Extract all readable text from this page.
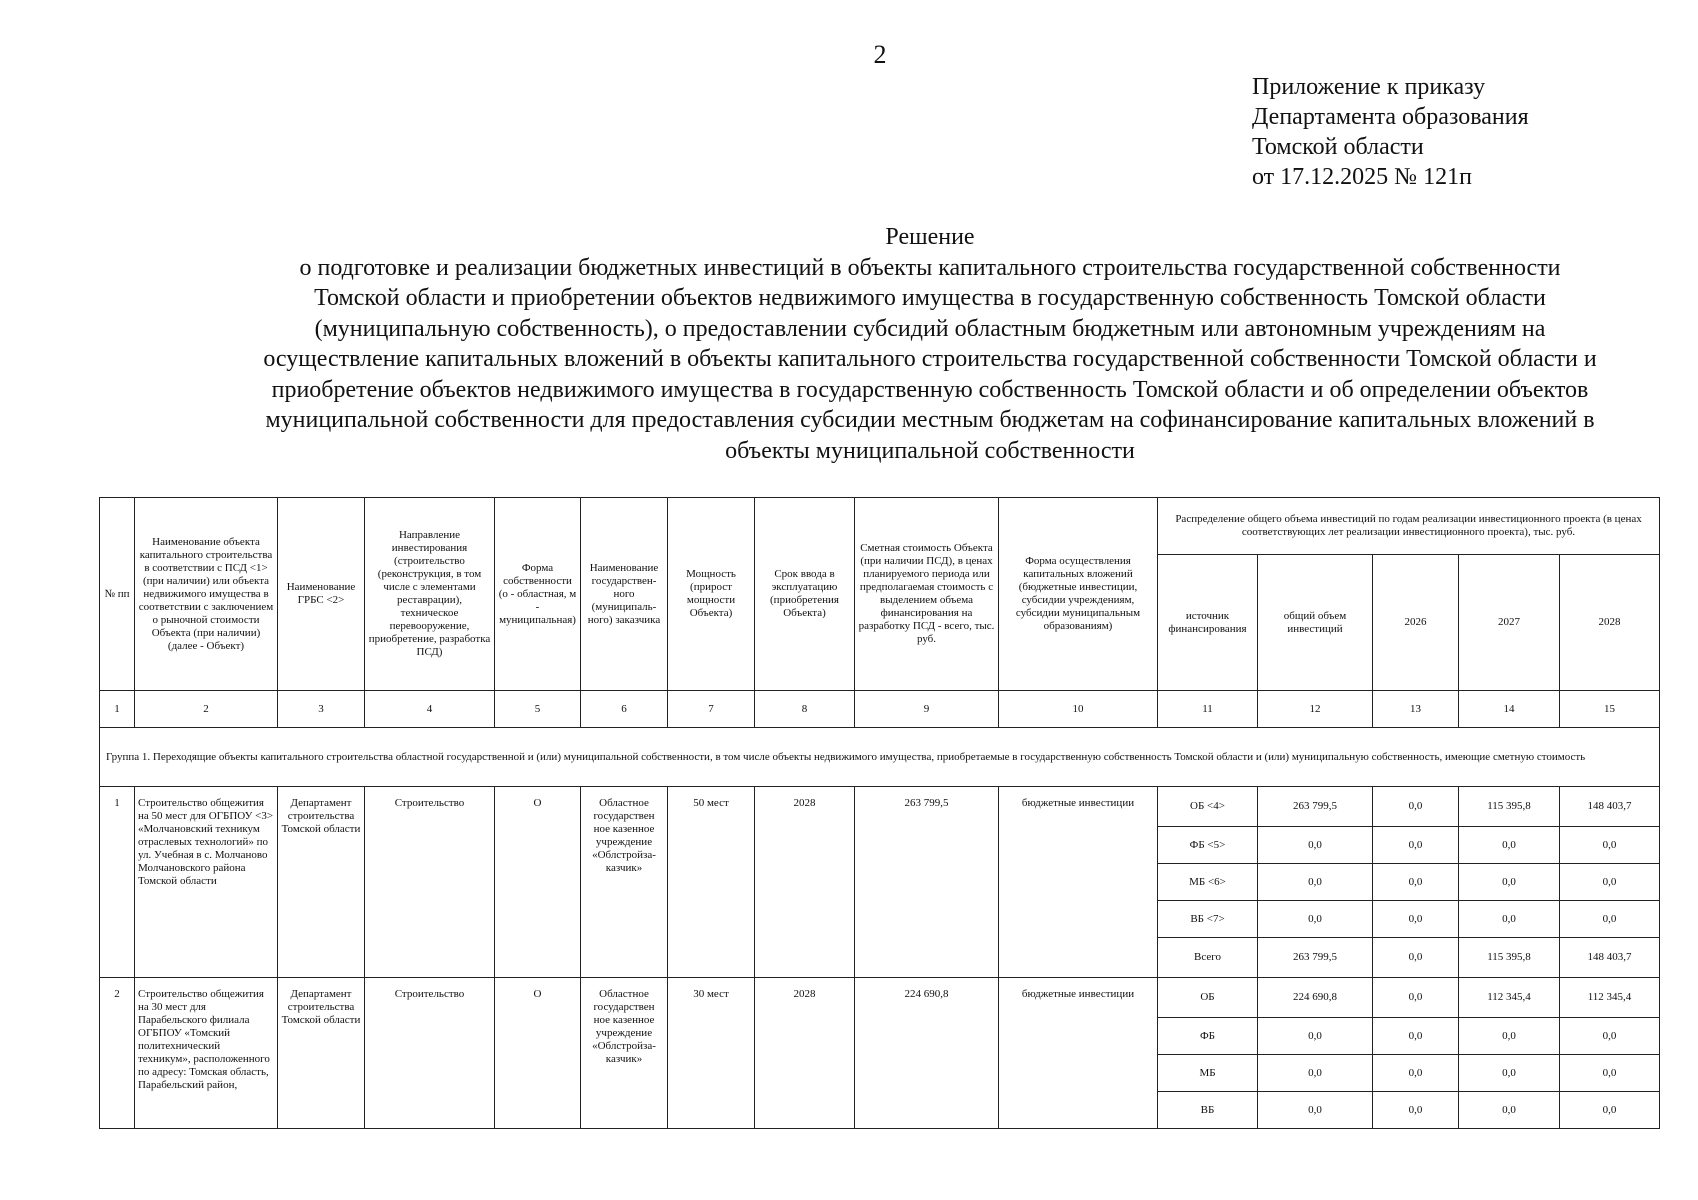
2
Приложение к приказу
Департамента образования
Томской области
от 17.12.2025 № 121п
Решение
о подготовке и реализации бюджетных инвестиций в объекты капитального строительства государственной собственности
Томской области и приобретении объектов недвижимого имущества в государственную собственность Томской области
(муниципальную собственность), о предоставлении субсидий областным бюджетным или автономным учреждениям на
осуществление капитальных вложений в объекты капитального строительства государственной собственности Томской области и
приобретение объектов недвижимого имущества в государственную собственность Томской области и об определении объектов
муниципальной собственности для предоставления субсидии местным бюджетам на софинансирование капитальных вложений в
объекты муниципальной собственности
№ пп	Наименование объекта капитального строительства в соответствии с ПСД <1> (при наличии) или объекта недвижимого имущества в соответствии с заключением о рыночной стоимости Объекта (при наличии) (далее - Объект)	Наименование ГРБС <2>	Направление инвестирования (строительство (реконструкция, в том числе с элементами реставрации), техническое перевооружение, приобретение, разработка ПСД)	Форма собственности (о - областная, м - муниципальная)	Наименование государствен-ного (муниципаль-ного) заказчика	Мощность (прирост мощности Объекта)	Срок ввода в эксплуатацию (приобретения Объекта)	Сметная стоимость Объекта (при наличии ПСД), в ценах планируемого периода или предполагаемая стоимость с выделением объема финансирования на разработку ПСД - всего, тыс. руб.	Форма осуществления капитальных вложений (бюджетные инвестиции, субсидии учреждениям, субсидии муниципальным образованиям)	Распределение общего объема инвестиций по годам реализации инвестиционного проекта (в ценах соответствующих лет реализации инвестиционного проекта), тыс. руб.				
										источник финансирования	общий объем инвестиций	2026	2027	2028
1	2	3	4	5	6	7	8	9	10	11	12	13	14	15
Группа 1. Переходящие объекты капитального строительства областной государственной и (или) муниципальной собственности, в том числе объекты недвижимого имущества, приобретаемые в государственную собственность Томской области и (или) муниципальную собственность, имеющие сметную стоимость														
1	Строительство общежития на 50 мест для ОГБПОУ <3> «Молчановский техникум отраслевых технологий» по ул. Учебная в с. Молчаново Молчановского района Томской области	Департамент строительства Томской области	Строительство	О	Областное государствен ное казенное учреждение «Облстройза-казчик»	50 мест	2028	263 799,5	бюджетные инвестиции	ОБ <4>	263 799,5	0,0	115 395,8	148 403,7
										ФБ <5>	0,0	0,0	0,0	0,0
										МБ <6>	0,0	0,0	0,0	0,0
										ВБ <7>	0,0	0,0	0,0	0,0
										Всего	263 799,5	0,0	115 395,8	148 403,7
2	Строительство общежития на 30 мест для Парабельского филиала ОГБПОУ «Томский политехнический техникум», расположенного по адресу: Томская область, Парабельский район,	Департамент строительства Томской области	Строительство	О	Областное государствен ное казенное учреждение «Облстройза-казчик»	30 мест	2028	224 690,8	бюджетные инвестиции	ОБ	224 690,8	0,0	112 345,4	112 345,4
										ФБ	0,0	0,0	0,0	0,0
										МБ	0,0	0,0	0,0	0,0
										ВБ	0,0	0,0	0,0	0,0
